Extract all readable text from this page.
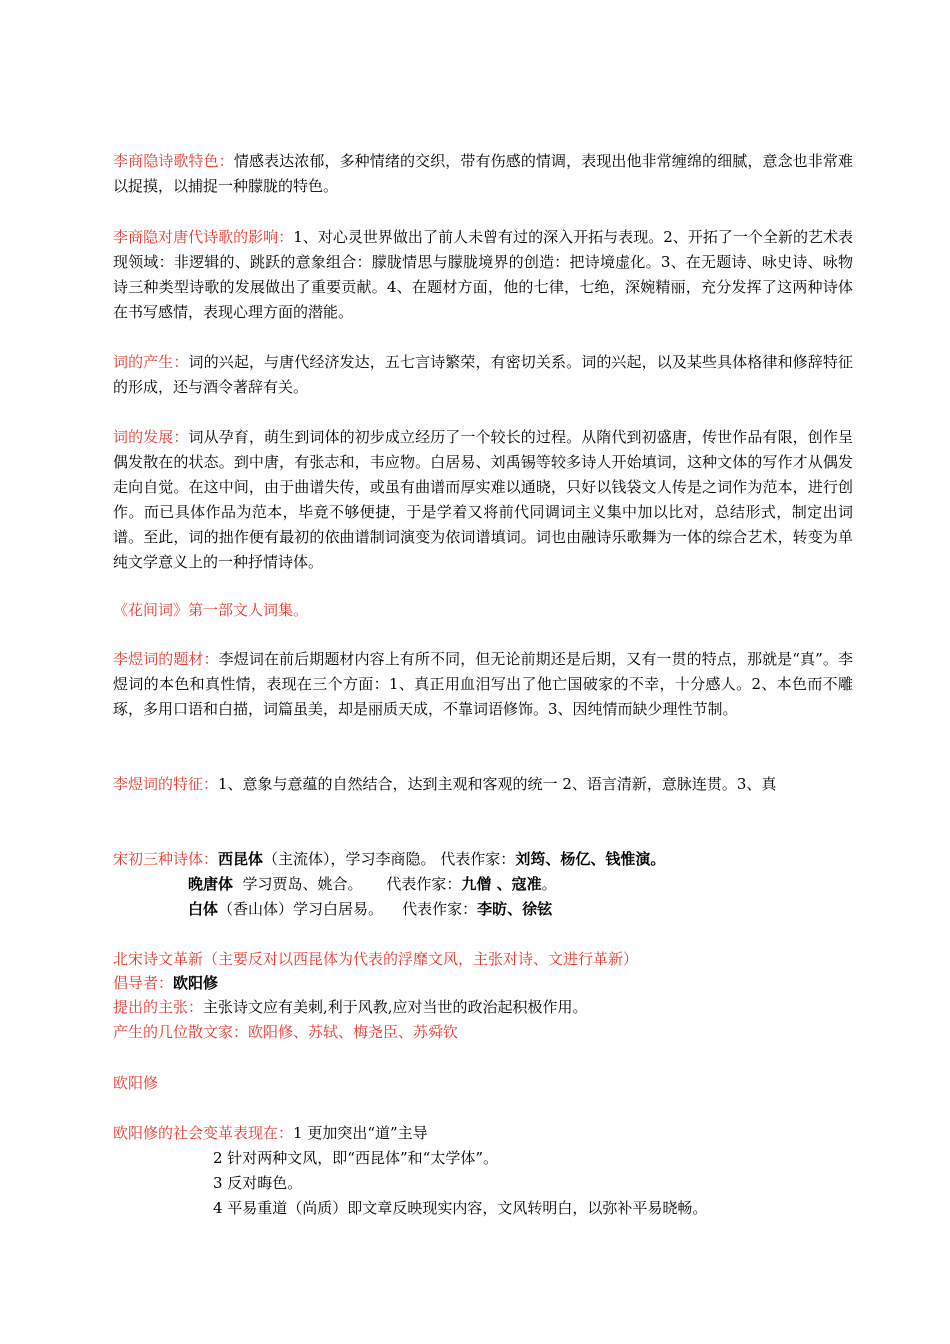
李商隐诗歌特色：情感表达浓郁，多种情绪的交织，带有伤感的情调，表现出他非常缠绵的细腻，意念也非常难以捉摸，以捕捉一种朦胧的特色。
李商隐对唐代诗歌的影响：1、对心灵世界做出了前人未曾有过的深入开拓与表现。2、开拓了一个全新的艺术表现领域：非逻辑的、跳跃的意象组合：朦胧情思与朦胧境界的创造：把诗境虚化。3、在无题诗、咏史诗、咏物诗三种类型诗歌的发展做出了重要贡献。4、在题材方面，他的七律，七绝，深婉精丽，充分发挥了这两种诗体在书写感情，表现心理方面的潜能。
词的产生：词的兴起，与唐代经济发达，五七言诗繁荣，有密切关系。词的兴起，以及某些具体格律和修辞特征的形成，还与酒令著辞有关。
词的发展：词从孕育，萌生到词体的初步成立经历了一个较长的过程。从隋代到初盛唐，传世作品有限，创作呈偶发散在的状态。到中唐，有张志和，韦应物。白居易、刘禹锡等较多诗人开始填词，这种文体的写作才从偶发走向自觉。在这中间，由于曲谱失传，或虽有曲谱而厚实难以通晓，只好以钱袋文人传是之词作为范本，进行创作。而已具体作品为范本，毕竟不够便捷，于是学着又将前代同调词主义集中加以比对，总结形式，制定出词谱。至此，词的拙作便有最初的依曲谱制词演变为依词谱填词。词也由融诗乐歌舞为一体的综合艺术，转变为单纯文学意义上的一种抒情诗体。
《花间词》第一部文人词集。
李煜词的题材：李煜词在前后期题材内容上有所不同，但无论前期还是后期，又有一贯的特点，那就是“真”。李煜词的本色和真性情，表现在三个方面：1、真正用血泪写出了他亡国破家的不幸，十分感人。2、本色而不雕琢，多用口语和白描，词篇虽美，却是丽质天成，不靠词语修饰。3、因纯情而缺少理性节制。
李煜词的特征：1、意象与意蕴的自然结合，达到主观和客观的统一 2、语言清新，意脉连贯。3、真
宋初三种诗体：西昆体（主流体），学习李商隐。 代表作家：刘筠、杨亿、钱惟演。
晚唐体  学习贾岛、姚合。     代表作家：九僧 、寇准。
白体（香山体）学习白居易。    代表作家：李昉、徐铉
北宋诗文革新（主要反对以西昆体为代表的浮靡文风，主张对诗、文进行革新）
倡导者：欧阳修
提出的主张：主张诗文应有美刺,利于风教,应对当世的政治起积极作用。
产生的几位散文家：欧阳修、苏轼、梅尧臣、苏舜钦
欧阳修
欧阳修的社会变革表现在：1 更加突出“道”主导
2 针对两种文风，即“西昆体”和“太学体”。
3 反对晦色。
4 平易重道（尚质）即文章反映现实内容，文风转明白，以弥补平易晓畅。
